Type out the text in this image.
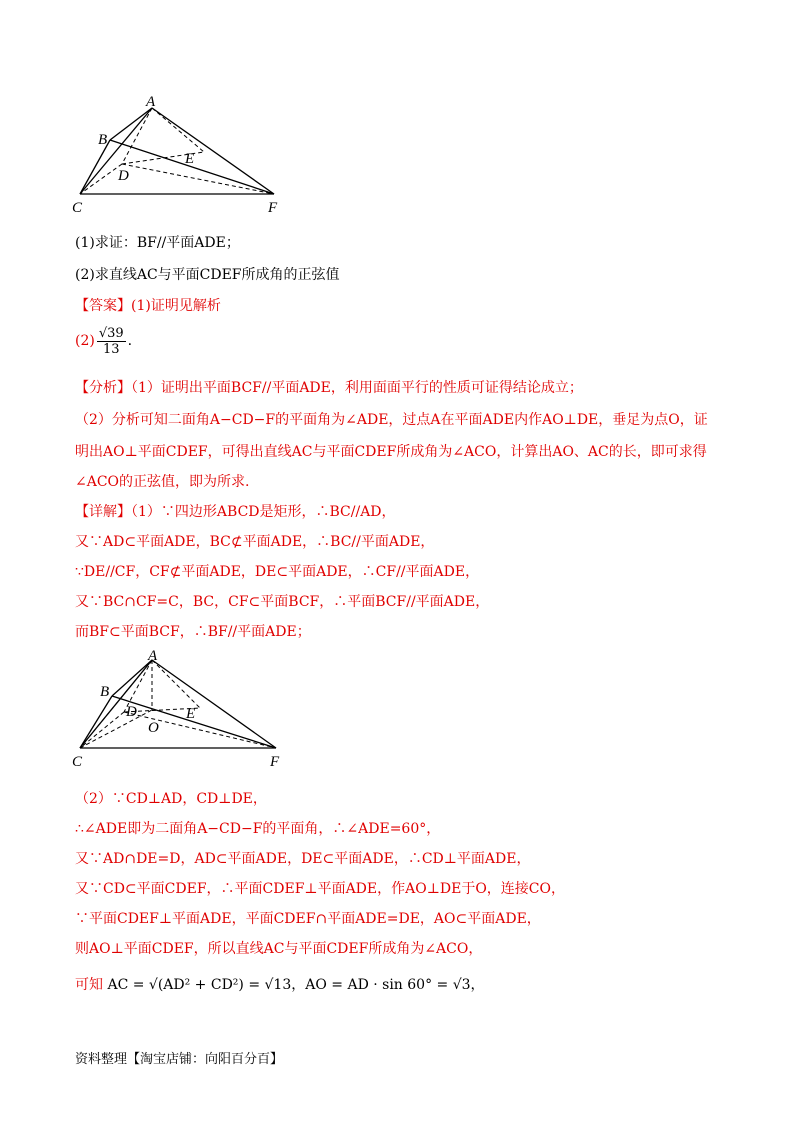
A
B
D
E
C	F
(1)求证：BF//平面ADE；
(2)求直线AC与平面CDEF所成角的正弦值
【答案】(1)证明见解析
$(2) \frac{√39}{13}$ .
【分析】（1）证明出平面BCF//平面ADE，利用面面平行的性质可证得结论成立；
（2）分析可知二面角A−CD−F的平面角为∠ADE，过点A在平面ADE内作AO⊥DE，垂足为点O，证
明出AO⊥平面CDEF，可得出直线AC与平面CDEF所成角为∠ACO，计算出AO、AC的长，即可求得
∠ACO的正弦值，即为所求.
【详解】（1）∵四边形ABCD是矩形，∴BC//AD，
又∵AD⊂平面ADE，BC⊄平面ADE，∴BC//平面ADE，
∵DE//CF，CF⊄平面ADE，DE⊂平面ADE，∴CF//平面ADE，
又∵BC∩CF=C，BC，CF⊂平面BCF，∴平面BCF//平面ADE，
而BF⊂平面BCF，∴BF//平面ADE；
A
B
D	E
O
C	F
（2）∵CD⊥AD，CD⊥DE，
∴∠ADE即为二面角A−CD−F的平面角，∴∠ADE=60°，
又∵AD∩DE=D，AD⊂平面ADE，DE⊂平面ADE，∴CD⊥平面ADE，
又∵CD⊂平面CDEF，∴平面CDEF⊥平面ADE，作AO⊥DE于O，连接CO，
∵平面CDEF⊥平面ADE，平面CDEF∩平面ADE=DE，AO⊂平面ADE，
则AO⊥平面CDEF，所以直线AC与平面CDEF所成角为∠ACO，
可知 AC = √(AD² + CD²) = √13，AO = AD · sin 60° = √3，
资料整理【淘宝店铺：向阳百分百】
